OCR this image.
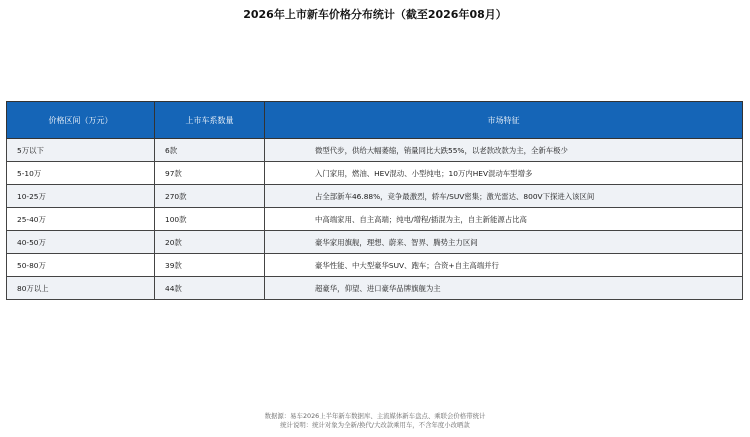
2026年上市新车价格分布统计（截至2026年08月）
价格区间（万元）	上市车系数量	市场特征
5万以下	6款	微型代步，供给大幅萎缩，销量同比大跌55%，以老款改款为主，全新车极少
5-10万	97款	入门家用，燃油、HEV混动、小型纯电；10万内HEV混动车型增多
10-25万	270款	占全部新车46.88%，竞争最激烈，轿车/SUV密集；激光雷达、800V下探进入该区间
25-40万	100款	中高端家用、自主高端；纯电/增程/插混为主，自主新能源占比高
40-50万	20款	豪华家用旗舰，理想、蔚来、智界、腾势主力区间
50-80万	39款	豪华性能、中大型豪华SUV、跑车；合资+自主高端并行
80万以上	44款	超豪华，仰望、进口豪华品牌旗舰为主
数据源：易车2026上半年新车数据库、主流媒体新车盘点、乘联会价格带统计
统计说明：统计对象为全新/换代/大改款乘用车，不含年度小改晒款
